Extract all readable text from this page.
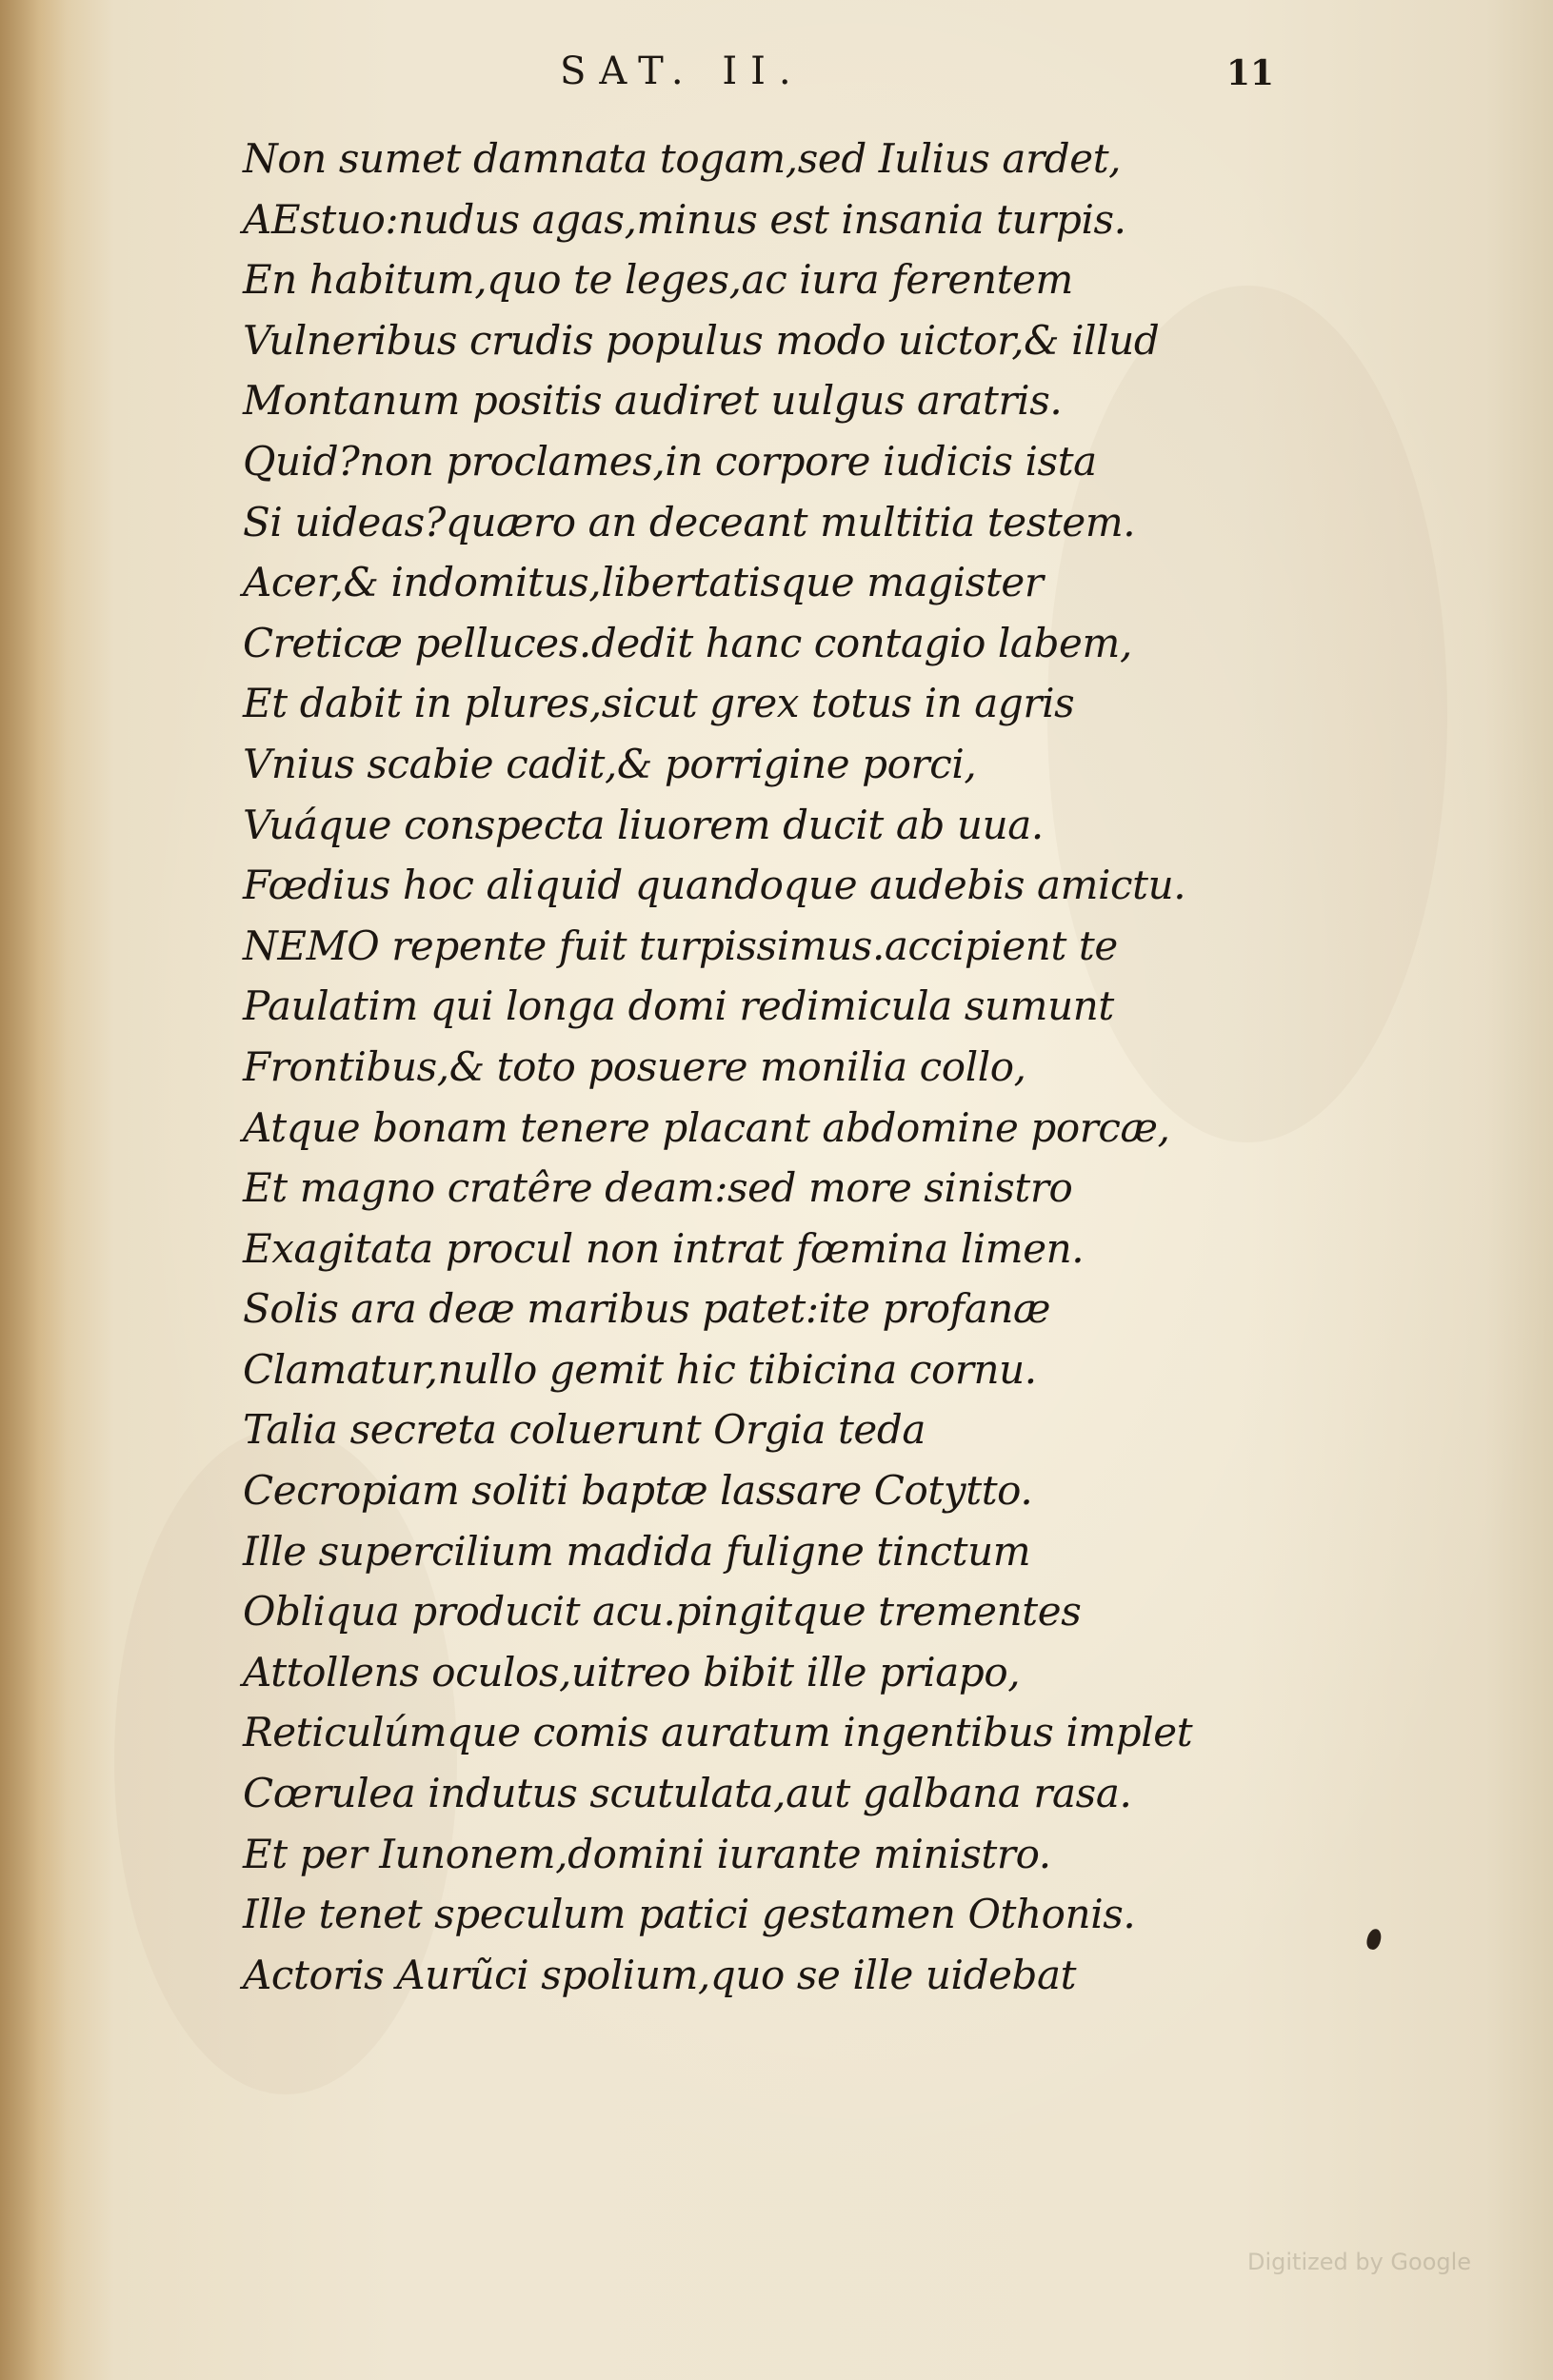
SAT. II.	11
Non sumet damnata togam,sed Iulius ardet,
AEstuo:nudus agas,minus est insania turpis.
En habitum,quo te leges,ac iura ferentem
Vulneribus crudis populus modo uictor,& illud
Montanum positis audiret uulgus aratris.
Quid?non proclames,in corpore iudicis ista
Si uideas?quæro an deceant multitia testem.
Acer,& indomitus,libertatisque magister
Creticæ pelluces.dedit hanc contagio labem,
Et dabit in plures,sicut grex totus in agris
Vnius scabie cadit,& porrigine porci,
Vuáque conspecta liuorem ducit ab uua.
Fœdius hoc aliquid quandoque audebis amictu.
NEMO repente fuit turpissimus.accipient te
Paulatim qui longa domi redimicula sumunt
Frontibus,& toto posuere monilia collo,
Atque bonam tenere placant abdomine porcæ,
Et magno cratêre deam:sed more sinistro
Exagitata procul non intrat fœmina limen.
Solis ara deæ maribus patet:ite profanæ
Clamatur,nullo gemit hic tibicina cornu.
Talia secreta coluerunt Orgia teda
Cecropiam soliti baptæ lassare Cotytto.
Ille supercilium madida fuligne tinctum
Obliqua producit acu.pingitque trementes
Attollens oculos,uitreo bibit ille priapo,
Reticulúmque comis auratum ingentibus implet
Cœrulea indutus scutulata,aut galbana rasa.
Et per Iunonem,domini iurante ministro.
Ille tenet speculum patici gestamen Othonis.
Actoris Aurũci spolium,quo se ille uidebat
Digitized by Google
